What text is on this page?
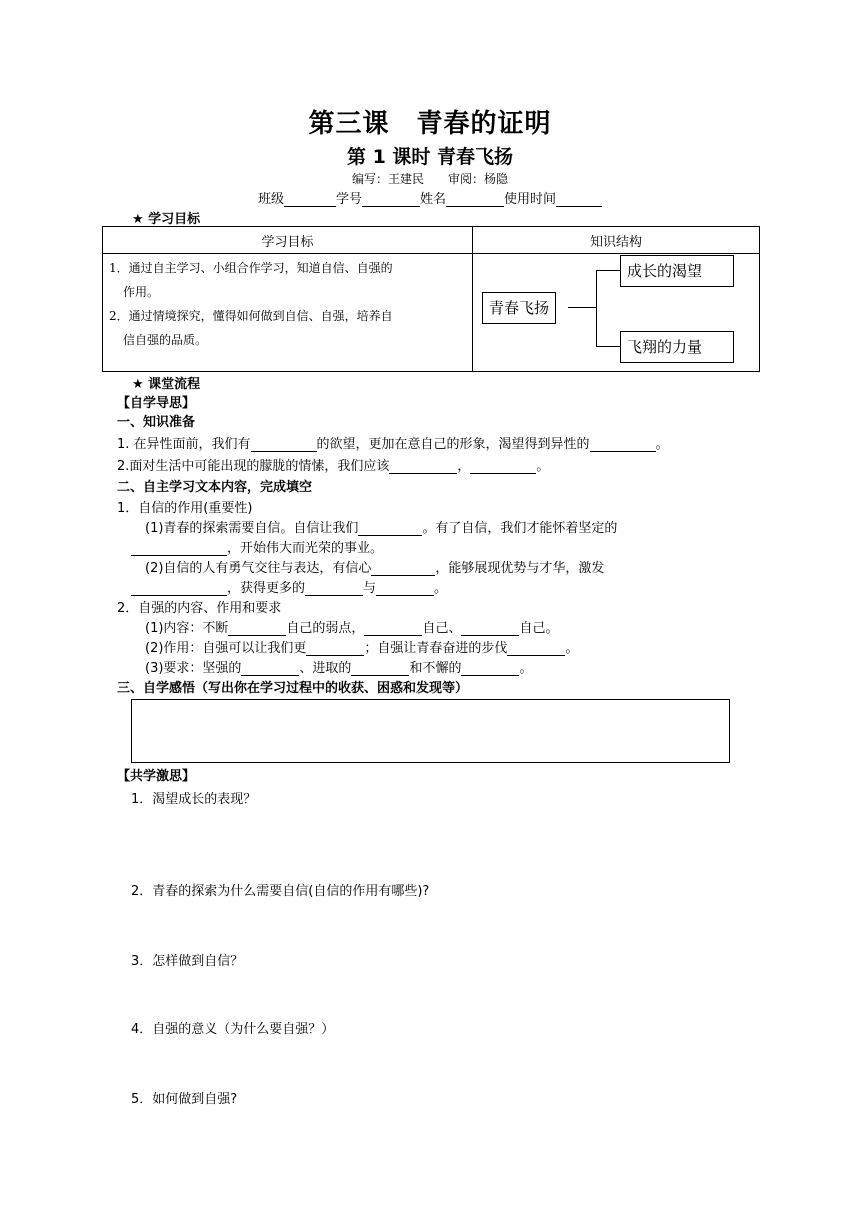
第三课　青春的证明
第 1 课时 青春飞扬
编写：王建民　　审阅：杨隐
班级	学号	姓名	使用时间
★ 学习目标
学习目标	知识结构

1．通过自主学习、小组合作学习，知道自信、自强的
作用。
2．通过情境探究，懂得如何做到自信、自强，培养自
信自强的品质。	

青春飞扬
成长的渴望
飞翔的力量
★ 课堂流程
【自学导思】
一、知识准备
1. 在异性面前，我们有	的欲望，更加在意自己的形象，渴望得到异性的	。
2.面对生活中可能出现的朦胧的情愫，我们应该	，	。
二、自主学习文本内容，完成填空
1．自信的作用(重要性)
(1)青春的探索需要自信。自信让我们	。有了自信，我们才能怀着坚定的
，开始伟大而光荣的事业。
(2)自信的人有勇气交往与表达，有信心	，能够展现优势与才华，激发
，获得更多的	与	。
2．自强的内容、作用和要求
(1)内容：不断	自己的弱点，	自己、	自己。
(2)作用：自强可以让我们更	；自强让青春奋进的步伐	。
(3)要求：坚强的	、进取的	和不懈的	。
三、自学感悟（写出你在学习过程中的收获、困惑和发现等）
【共学激思】
1．渴望成长的表现？
2．青春的探索为什么需要自信(自信的作用有哪些)?
3．怎样做到自信？
4．自强的意义（为什么要自强？）
5．如何做到自强?
